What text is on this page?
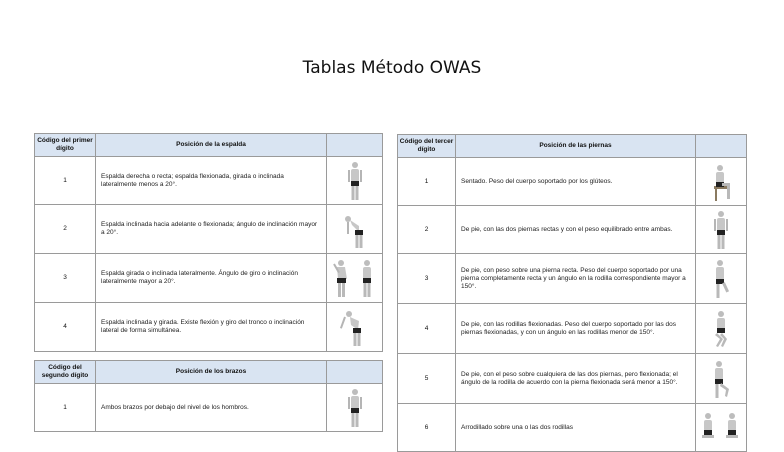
Tablas Método OWAS
Código del primer dígito	Posición de la espalda	
1	Espalda derecha o recta; espalda flexionada, girada o inclinada lateralmente menos a 20°.	
2	Espalda inclinada hacia adelante o flexionada; ángulo de inclinación mayor a 20°.	
3	Espalda girada o inclinada lateralmente. Ángulo de giro o inclinación lateralmente mayor a 20°.	
4	Espalda inclinada y girada. Existe flexión y giro del tronco o inclinación lateral de forma simultánea.	
Código del segundo dígito	Posición de los brazos	
1	Ambos brazos por debajo del nivel de los hombros.	
Código del tercer dígito	Posición de las piernas	
1	Sentado. Peso del cuerpo soportado por los glúteos.	
2	De pie, con las dos piernas rectas y con el peso equilibrado entre ambas.	
3	De pie, con peso sobre una pierna recta. Peso del cuerpo soportado por una pierna completamente recta y un ángulo en la rodilla correspondiente mayor a 150°.	
4	De pie, con las rodillas flexionadas. Peso del cuerpo soportado por las dos piernas flexionadas, y con un ángulo en las rodillas menor de 150°.	
5	De pie, con el peso sobre cualquiera de las dos piernas, pero flexionada; el ángulo de la rodilla de acuerdo con la pierna flexionada será menor a 150°.	
6	Arrodillado sobre una o las dos rodillas	
